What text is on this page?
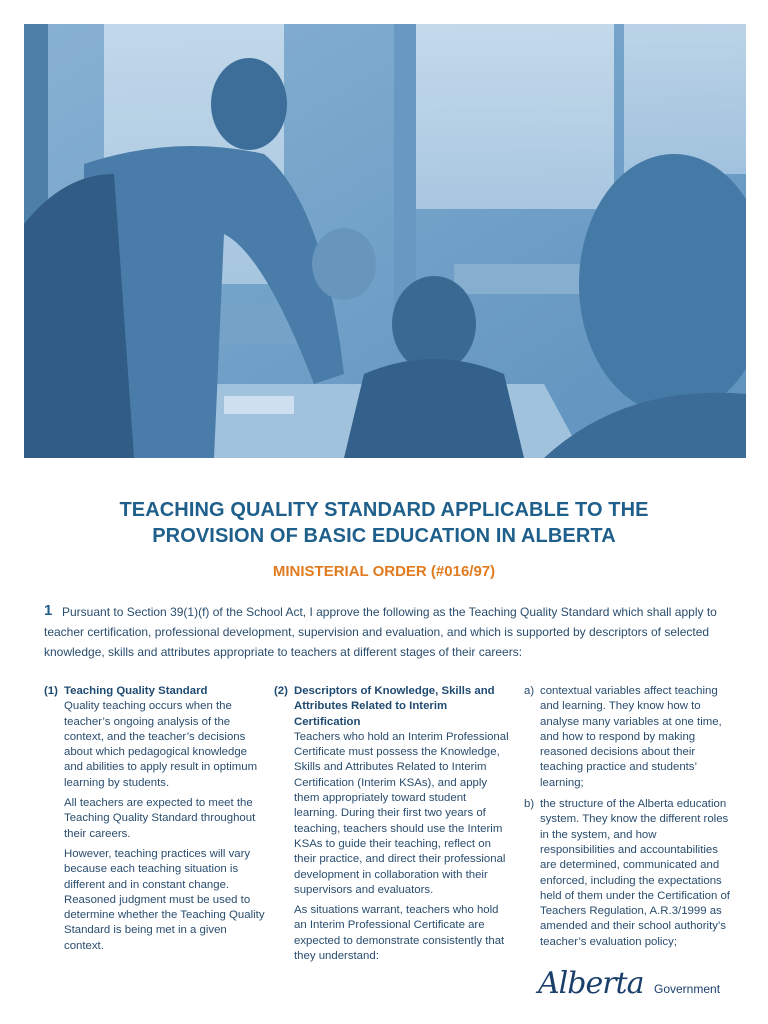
TEACHING QUALITY STANDARD APPLICABLE TO THE
PROVISION OF BASIC EDUCATION IN ALBERTA
MINISTERIAL ORDER (#016/97)
1 Pursuant to Section 39(1)(f) of the School Act, I approve the following as the Teaching Quality Standard which shall apply to teacher certification, professional development, supervision and evaluation, and which is supported by descriptors of selected knowledge, skills and attributes appropriate to teachers at different stages of their careers:

(1) Teaching Quality Standard

Quality teaching occurs when the teacher’s ongoing analysis of the context, and the teacher’s decisions about which pedagogical knowledge and abilities to apply result in optimum learning by students.

All teachers are expected to meet the Teaching Quality Standard throughout their careers.

However, teaching practices will vary because each teaching situation is different and in constant change. Reasoned judgment must be used to determine whether the Teaching Quality Standard is being met in a given context.

(2) Descriptors of Knowledge, Skills and Attributes Related to Interim Certification

Teachers who hold an Interim Professional Certificate must possess the Knowledge, Skills and Attributes Related to Interim Certification (Interim KSAs), and apply them appropriately toward student learning. During their first two years of teaching, teachers should use the Interim KSAs to guide their teaching, reflect on their practice, and direct their professional development in collaboration with their supervisors and evaluators.

As situations warrant, teachers who hold an Interim Professional Certificate are expected to demonstrate consistently that they understand:

a) contextual variables affect teaching and learning. They know how to analyse many variables at one time, and how to respond by making reasoned decisions about their teaching practice and students’ learning;
b) the structure of the Alberta education system. They know the different roles in the system, and how responsibilities and accountabilities are determined, communicated and enforced, including the expectations held of them under the Certification of Teachers Regulation, A.R.3/1999 as amended and their school authority’s teacher’s evaluation policy;
Alberta Government
